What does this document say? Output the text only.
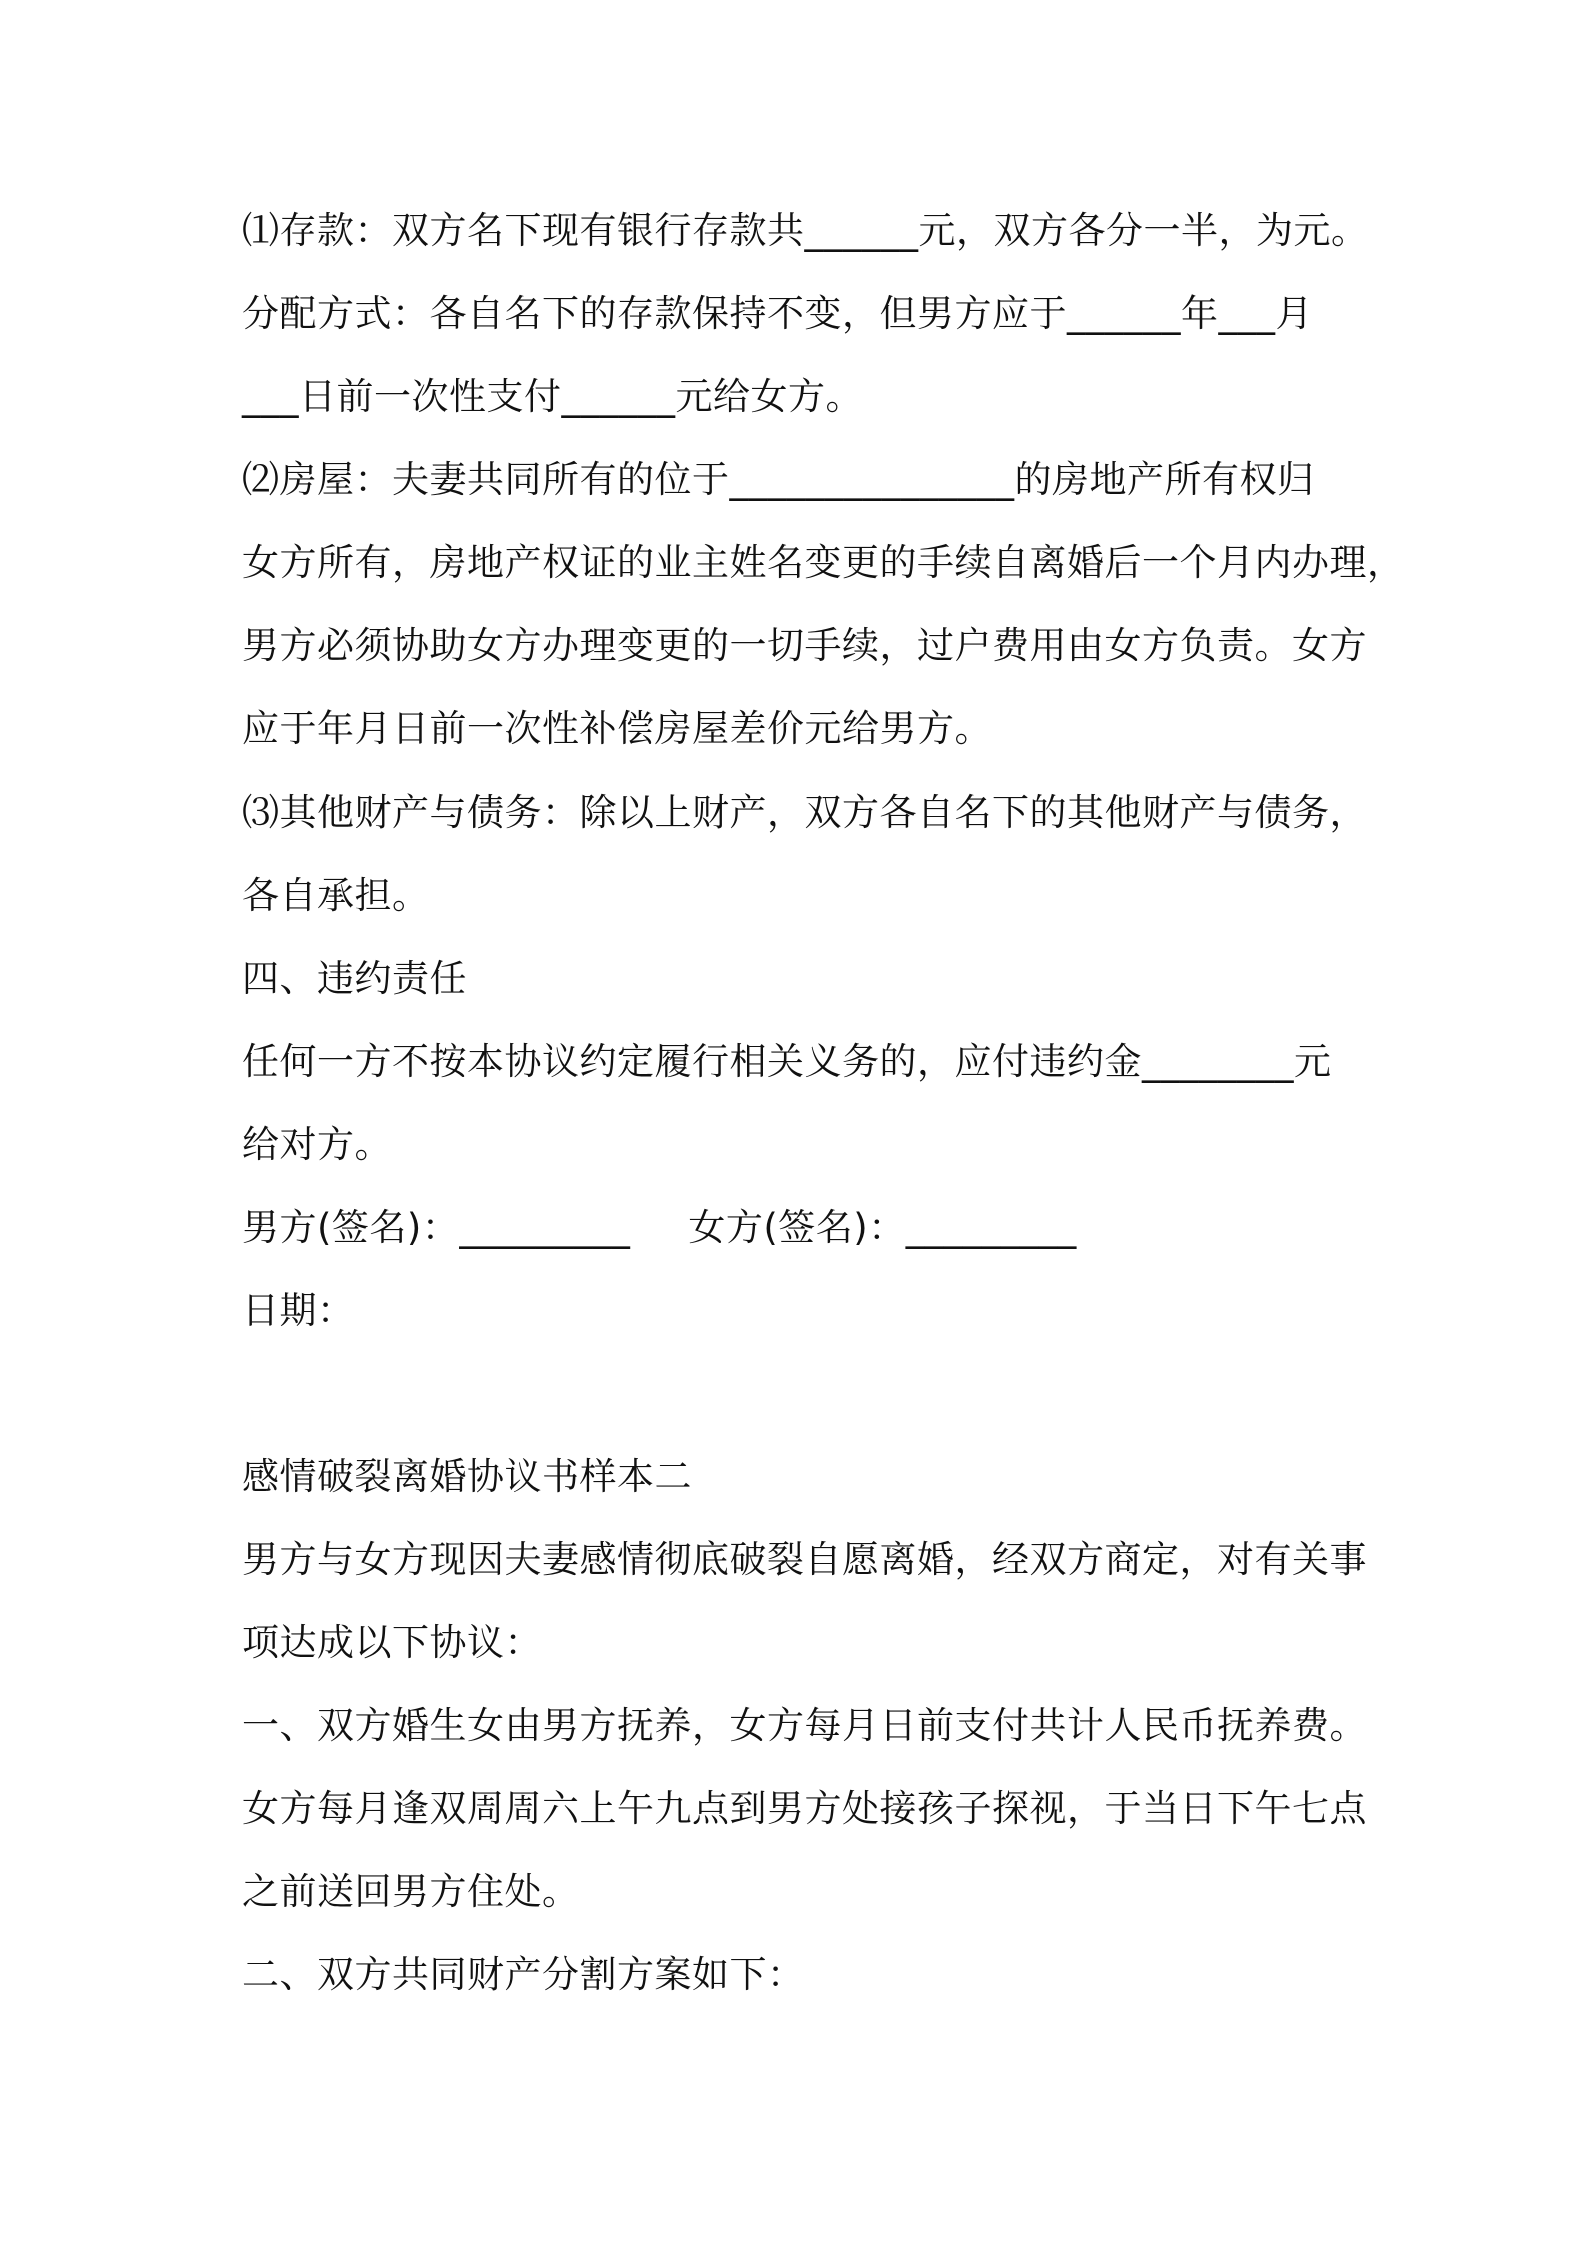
⑴存款：双方名下现有银行存款共______元，双方各分一半，为元。
分配方式：各自名下的存款保持不变，但男方应于______年___月
___日前一次性支付______元给女方。
⑵房屋：夫妻共同所有的位于_______________的房地产所有权归
女方所有，房地产权证的业主姓名变更的手续自离婚后一个月内办理，
男方必须协助女方办理变更的一切手续，过户费用由女方负责。女方
应于年月日前一次性补偿房屋差价元给男方。
⑶其他财产与债务：除以上财产，双方各自名下的其他财产与债务，
各自承担。
四、违约责任
任何一方不按本协议约定履行相关义务的，应付违约金________元
给对方。
男方(签名)：_________ 女方(签名)：_________
日期：
感情破裂离婚协议书样本二
男方与女方现因夫妻感情彻底破裂自愿离婚，经双方商定，对有关事
项达成以下协议：
一、双方婚生女由男方抚养，女方每月日前支付共计人民币抚养费。
女方每月逢双周周六上午九点到男方处接孩子探视，于当日下午七点
之前送回男方住处。
二、双方共同财产分割方案如下：
